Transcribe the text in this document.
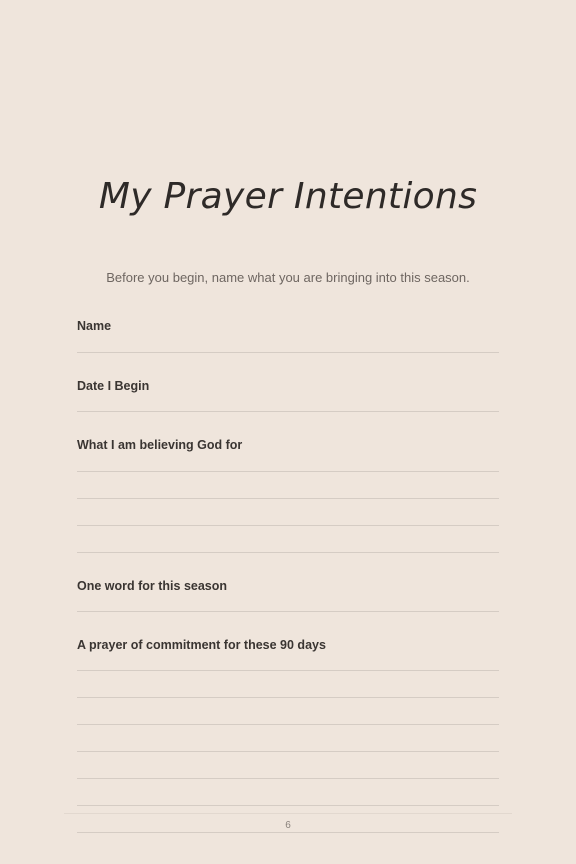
My Prayer Intentions

Before you begin, name what you are bringing into this season.

Name

Date I Begin

What I am believing God for

One word for this season

A prayer of commitment for these 90 days

6
